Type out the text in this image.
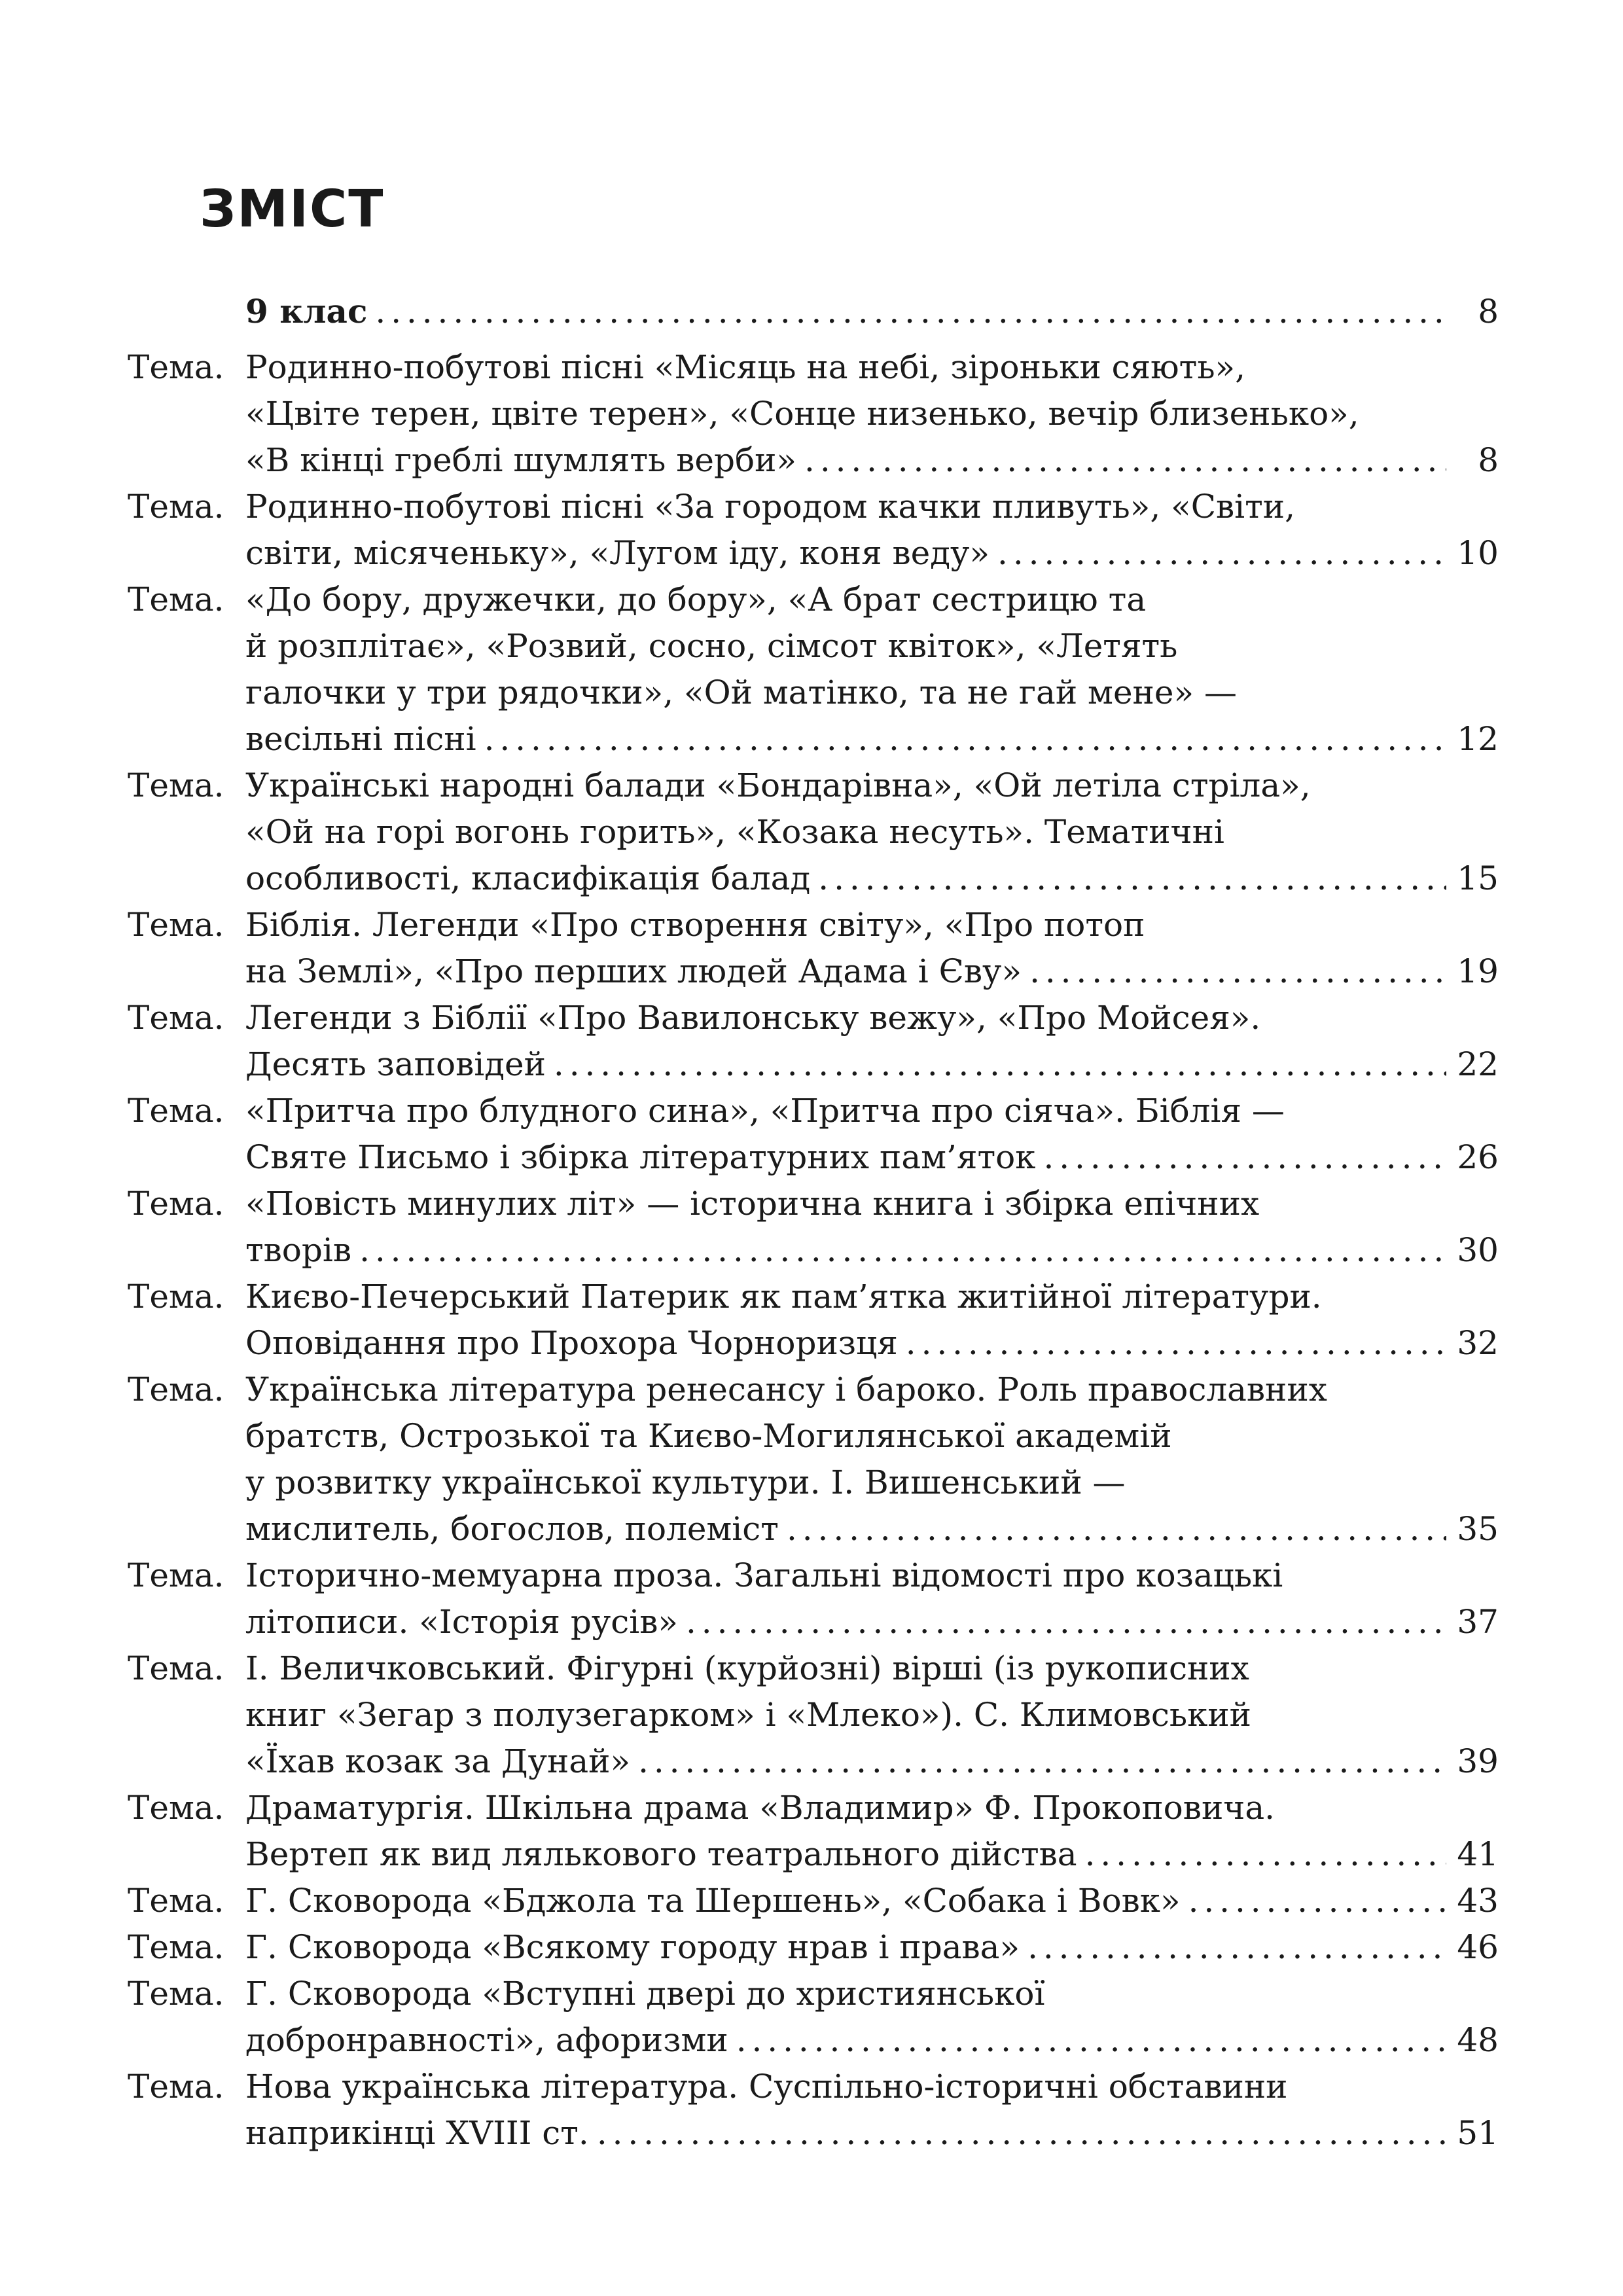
ЗМІСТ
9 клас . . .	8
Тема. Родинно-побутові пісні «Місяць на небі, зіроньки сяють»,
«Цвіте терен, цвіте терен», «Сонце низенько, вечір близенько»,
«В кінці греблі шумлять верби» . . .	8
Тема. Родинно-побутові пісні «За городом качки пливуть», «Світи,
світи, місяченьку», «Лугом іду, коня веду» . . .	10
Тема. «До бору, дружечки, до бору», «А брат сестрицю та
й розплітає», «Розвий, сосно, сімсот квіток», «Летять
галочки у три рядочки», «Ой матінко, та не гай мене» —
весільні пісні . . .	12
Тема. Українські народні балади «Бондарівна», «Ой летіла стріла»,
«Ой на горі вогонь горить», «Козака несуть». Тематичні
особливості, класифікація балад . . .	15
Тема. Біблія. Легенди «Про створення світу», «Про потоп
на Землі», «Про перших людей Адама і Єву» . . .	19
Тема. Легенди з Біблії «Про Вавилонську вежу», «Про Мойсея».
Десять заповідей . . .	22
Тема. «Притча про блудного сина», «Притча про сіяча». Біблія —
Святе Письмо і збірка літературних пам’яток . . .	26
Тема. «Повість минулих літ» — історична книга і збірка епічних
творів . . .	30
Тема. Києво-Печерський Патерик як пам’ятка житійної літератури.
Оповідання про Прохора Чорноризця . . .	32
Тема. Українська література ренесансу і бароко. Роль православних
братств, Острозької та Києво-Могилянської академій
у розвитку української культури. І. Вишенський —
мислитель, богослов, полеміст . . .	35
Тема. Історично-мемуарна проза. Загальні відомості про козацькі
літописи. «Історія русів» . . .	37
Тема. І. Величковський. Фігурні (курйозні) вірші (із рукописних
книг «Зегар з полузегарком» і «Млеко»). С. Климовський
«Їхав козак за Дунай» . . .	39
Тема. Драматургія. Шкільна драма «Владимир» Ф. Прокоповича.
Вертеп як вид лялькового театрального дійства . . .	41
Тема. Г. Сковорода «Бджола та Шершень», «Собака і Вовк» . . .	43
Тема. Г. Сковорода «Всякому городу нрав і права» . . .	46
Тема. Г. Сковорода «Вступні двері до християнської
добронравності», афоризми . . .	48
Тема. Нова українська література. Суспільно-історичні обставини
наприкінці XVIII ст. . . .	51
